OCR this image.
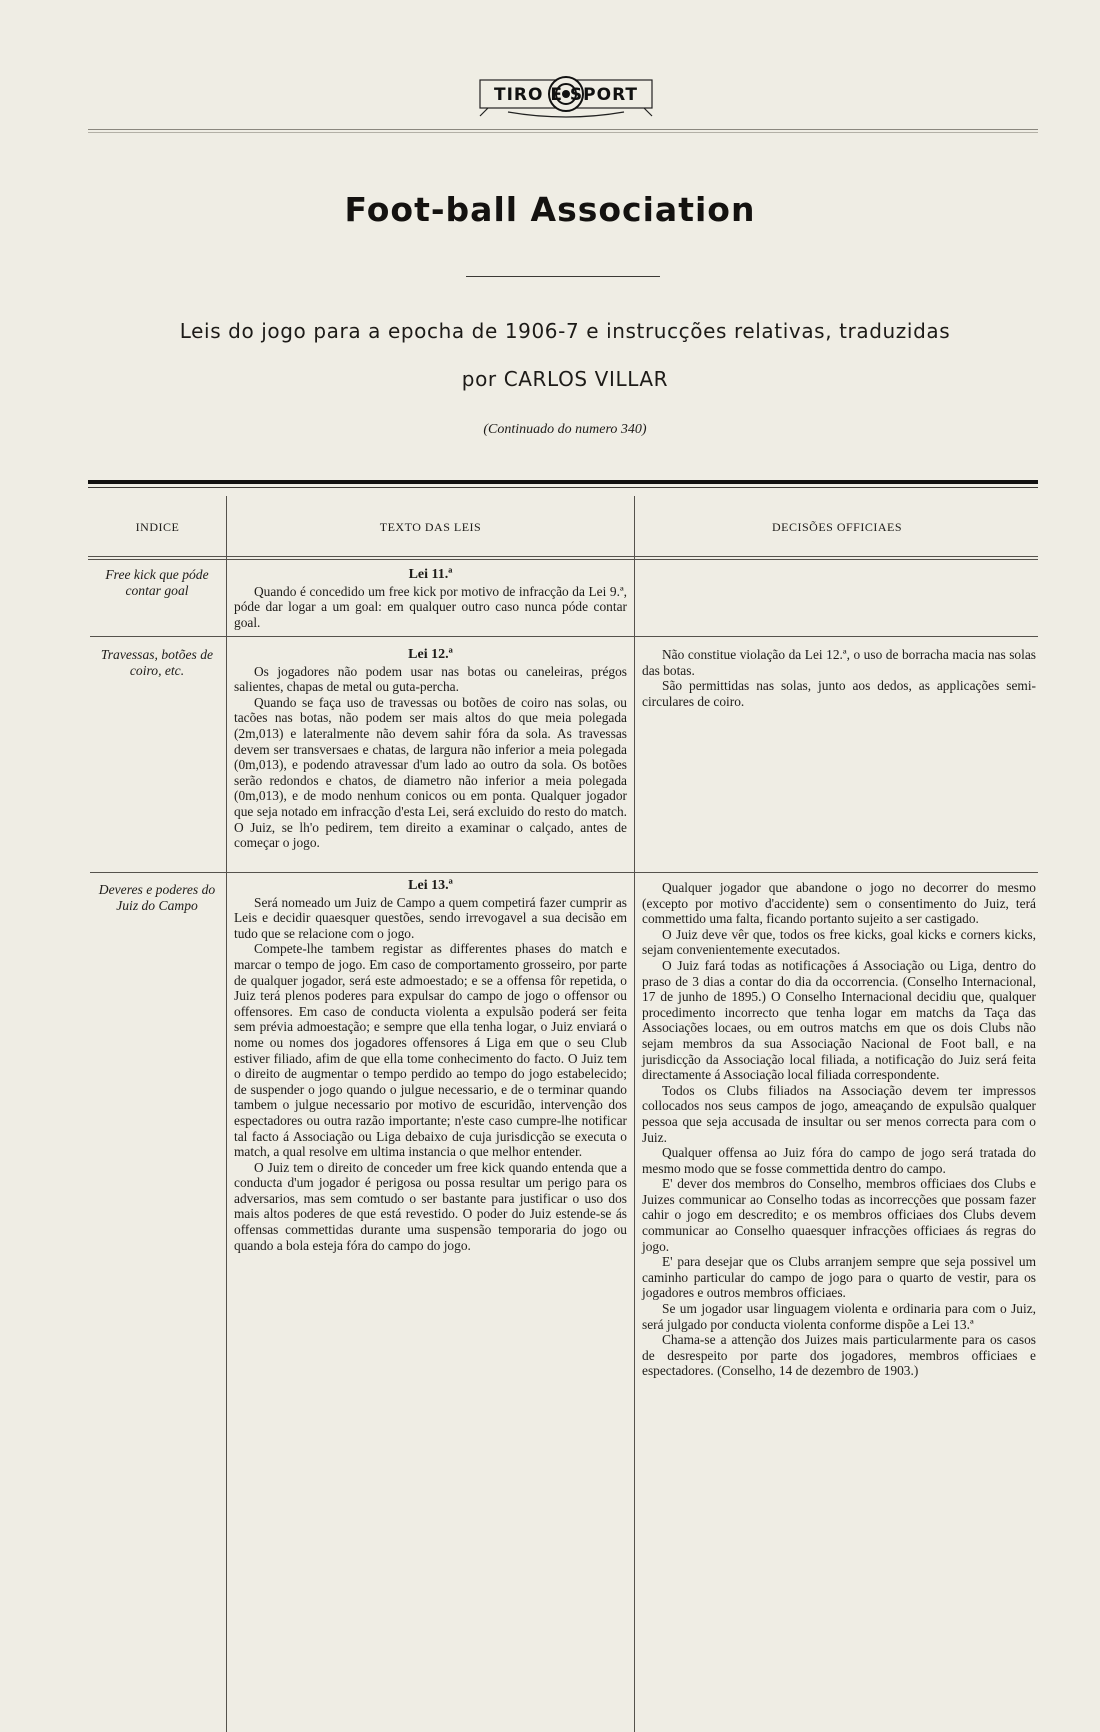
TIRO E SPORT
Foot-ball Association
Leis do jogo para a epocha de 1906-7 e instrucções relativas, traduzidas
por CARLOS VILLAR
(Continuado do numero 340)
INDICE	TEXTO DAS LEIS	DECISÕES OFFICIAES
Free kick que póde contar goal

Lei 11.ª

Quando é concedido um free kick por motivo de infracção da Lei 9.ª, póde dar logar a um goal: em qualquer outro caso nunca póde contar goal.

Travessas, botões de coiro, etc.

Lei 12.ª

Os jogadores não podem usar nas botas ou caneleiras, prégos salientes, chapas de metal ou guta-percha.

Quando se faça uso de travessas ou botões de coiro nas solas, ou tacões nas botas, não podem ser mais altos do que meia polegada (2m,013) e lateralmente não devem sahir fóra da sola. As travessas devem ser transversaes e chatas, de largura não inferior a meia polegada (0m,013), e podendo atravessar d'um lado ao outro da sola. Os botões serão redondos e chatos, de diametro não inferior a meia polegada (0m,013), e de modo nenhum conicos ou em ponta. Qualquer jogador que seja notado em infracção d'esta Lei, será excluido do resto do match. O Juiz, se lh'o pedirem, tem direito a examinar o calçado, antes de começar o jogo.

Não constitue violação da Lei 12.ª, o uso de borracha macia nas solas das botas.

São permittidas nas solas, junto aos dedos, as applicações semi-circulares de coiro.

Deveres e poderes do Juiz do Campo

Lei 13.ª

Será nomeado um Juiz de Campo a quem competirá fazer cumprir as Leis e decidir quaesquer questões, sendo irrevogavel a sua decisão em tudo que se relacione com o jogo.

Compete-lhe tambem registar as differentes phases do match e marcar o tempo de jogo. Em caso de comportamento grosseiro, por parte de qualquer jogador, será este admoestado; e se a offensa fôr repetida, o Juiz terá plenos poderes para expulsar do campo de jogo o offensor ou offensores. Em caso de conducta violenta a expulsão poderá ser feita sem prévia admoestação; e sempre que ella tenha logar, o Juiz enviará o nome ou nomes dos jogadores offensores á Liga em que o seu Club estiver filiado, afim de que ella tome conhecimento do facto. O Juiz tem o direito de augmentar o tempo perdido ao tempo do jogo estabelecido; de suspender o jogo quando o julgue necessario, e de o terminar quando tambem o julgue necessario por motivo de escuridão, intervenção dos espectadores ou outra razão importante; n'este caso cumpre-lhe notificar tal facto á Associação ou Liga debaixo de cuja jurisdicção se executa o match, a qual resolve em ultima instancia o que melhor entender.

O Juiz tem o direito de conceder um free kick quando entenda que a conducta d'um jogador é perigosa ou possa resultar um perigo para os adversarios, mas sem comtudo o ser bastante para justificar o uso dos mais altos poderes de que está revestido. O poder do Juiz estende-se ás offensas commettidas durante uma suspensão temporaria do jogo ou quando a bola esteja fóra do campo do jogo.

Qualquer jogador que abandone o jogo no decorrer do mesmo (excepto por motivo d'accidente) sem o consentimento do Juiz, terá commettido uma falta, ficando portanto sujeito a ser castigado.

O Juiz deve vêr que, todos os free kicks, goal kicks e corners kicks, sejam convenientemente executados.

O Juiz fará todas as notificações á Associação ou Liga, dentro do praso de 3 dias a contar do dia da occorrencia. (Conselho Internacional, 17 de junho de 1895.) O Conselho Internacional decidiu que, qualquer procedimento incorrecto que tenha logar em matchs da Taça das Associações locaes, ou em outros matchs em que os dois Clubs não sejam membros da sua Associação Nacional de Foot ball, e na jurisdicção da Associação local filiada, a notificação do Juiz será feita directamente á Associação local filiada correspondente.

Todos os Clubs filiados na Associação devem ter impressos collocados nos seus campos de jogo, ameaçando de expulsão qualquer pessoa que seja accusada de insultar ou ser menos correcta para com o Juiz.

Qualquer offensa ao Juiz fóra do campo de jogo será tratada do mesmo modo que se fosse commettida dentro do campo.

E' dever dos membros do Conselho, membros officiaes dos Clubs e Juizes communicar ao Conselho todas as incorrecções que possam fazer cahir o jogo em descredito; e os membros officiaes dos Clubs devem communicar ao Conselho quaesquer infracções officiaes ás regras do jogo.

E' para desejar que os Clubs arranjem sempre que seja possivel um caminho particular do campo de jogo para o quarto de vestir, para os jogadores e outros membros officiaes.

Se um jogador usar linguagem violenta e ordinaria para com o Juiz, será julgado por conducta violenta conforme dispõe a Lei 13.ª

Chama-se a attenção dos Juizes mais particularmente para os casos de desrespeito por parte dos jogadores, membros officiaes e espectadores. (Conselho, 14 de dezembro de 1903.)
